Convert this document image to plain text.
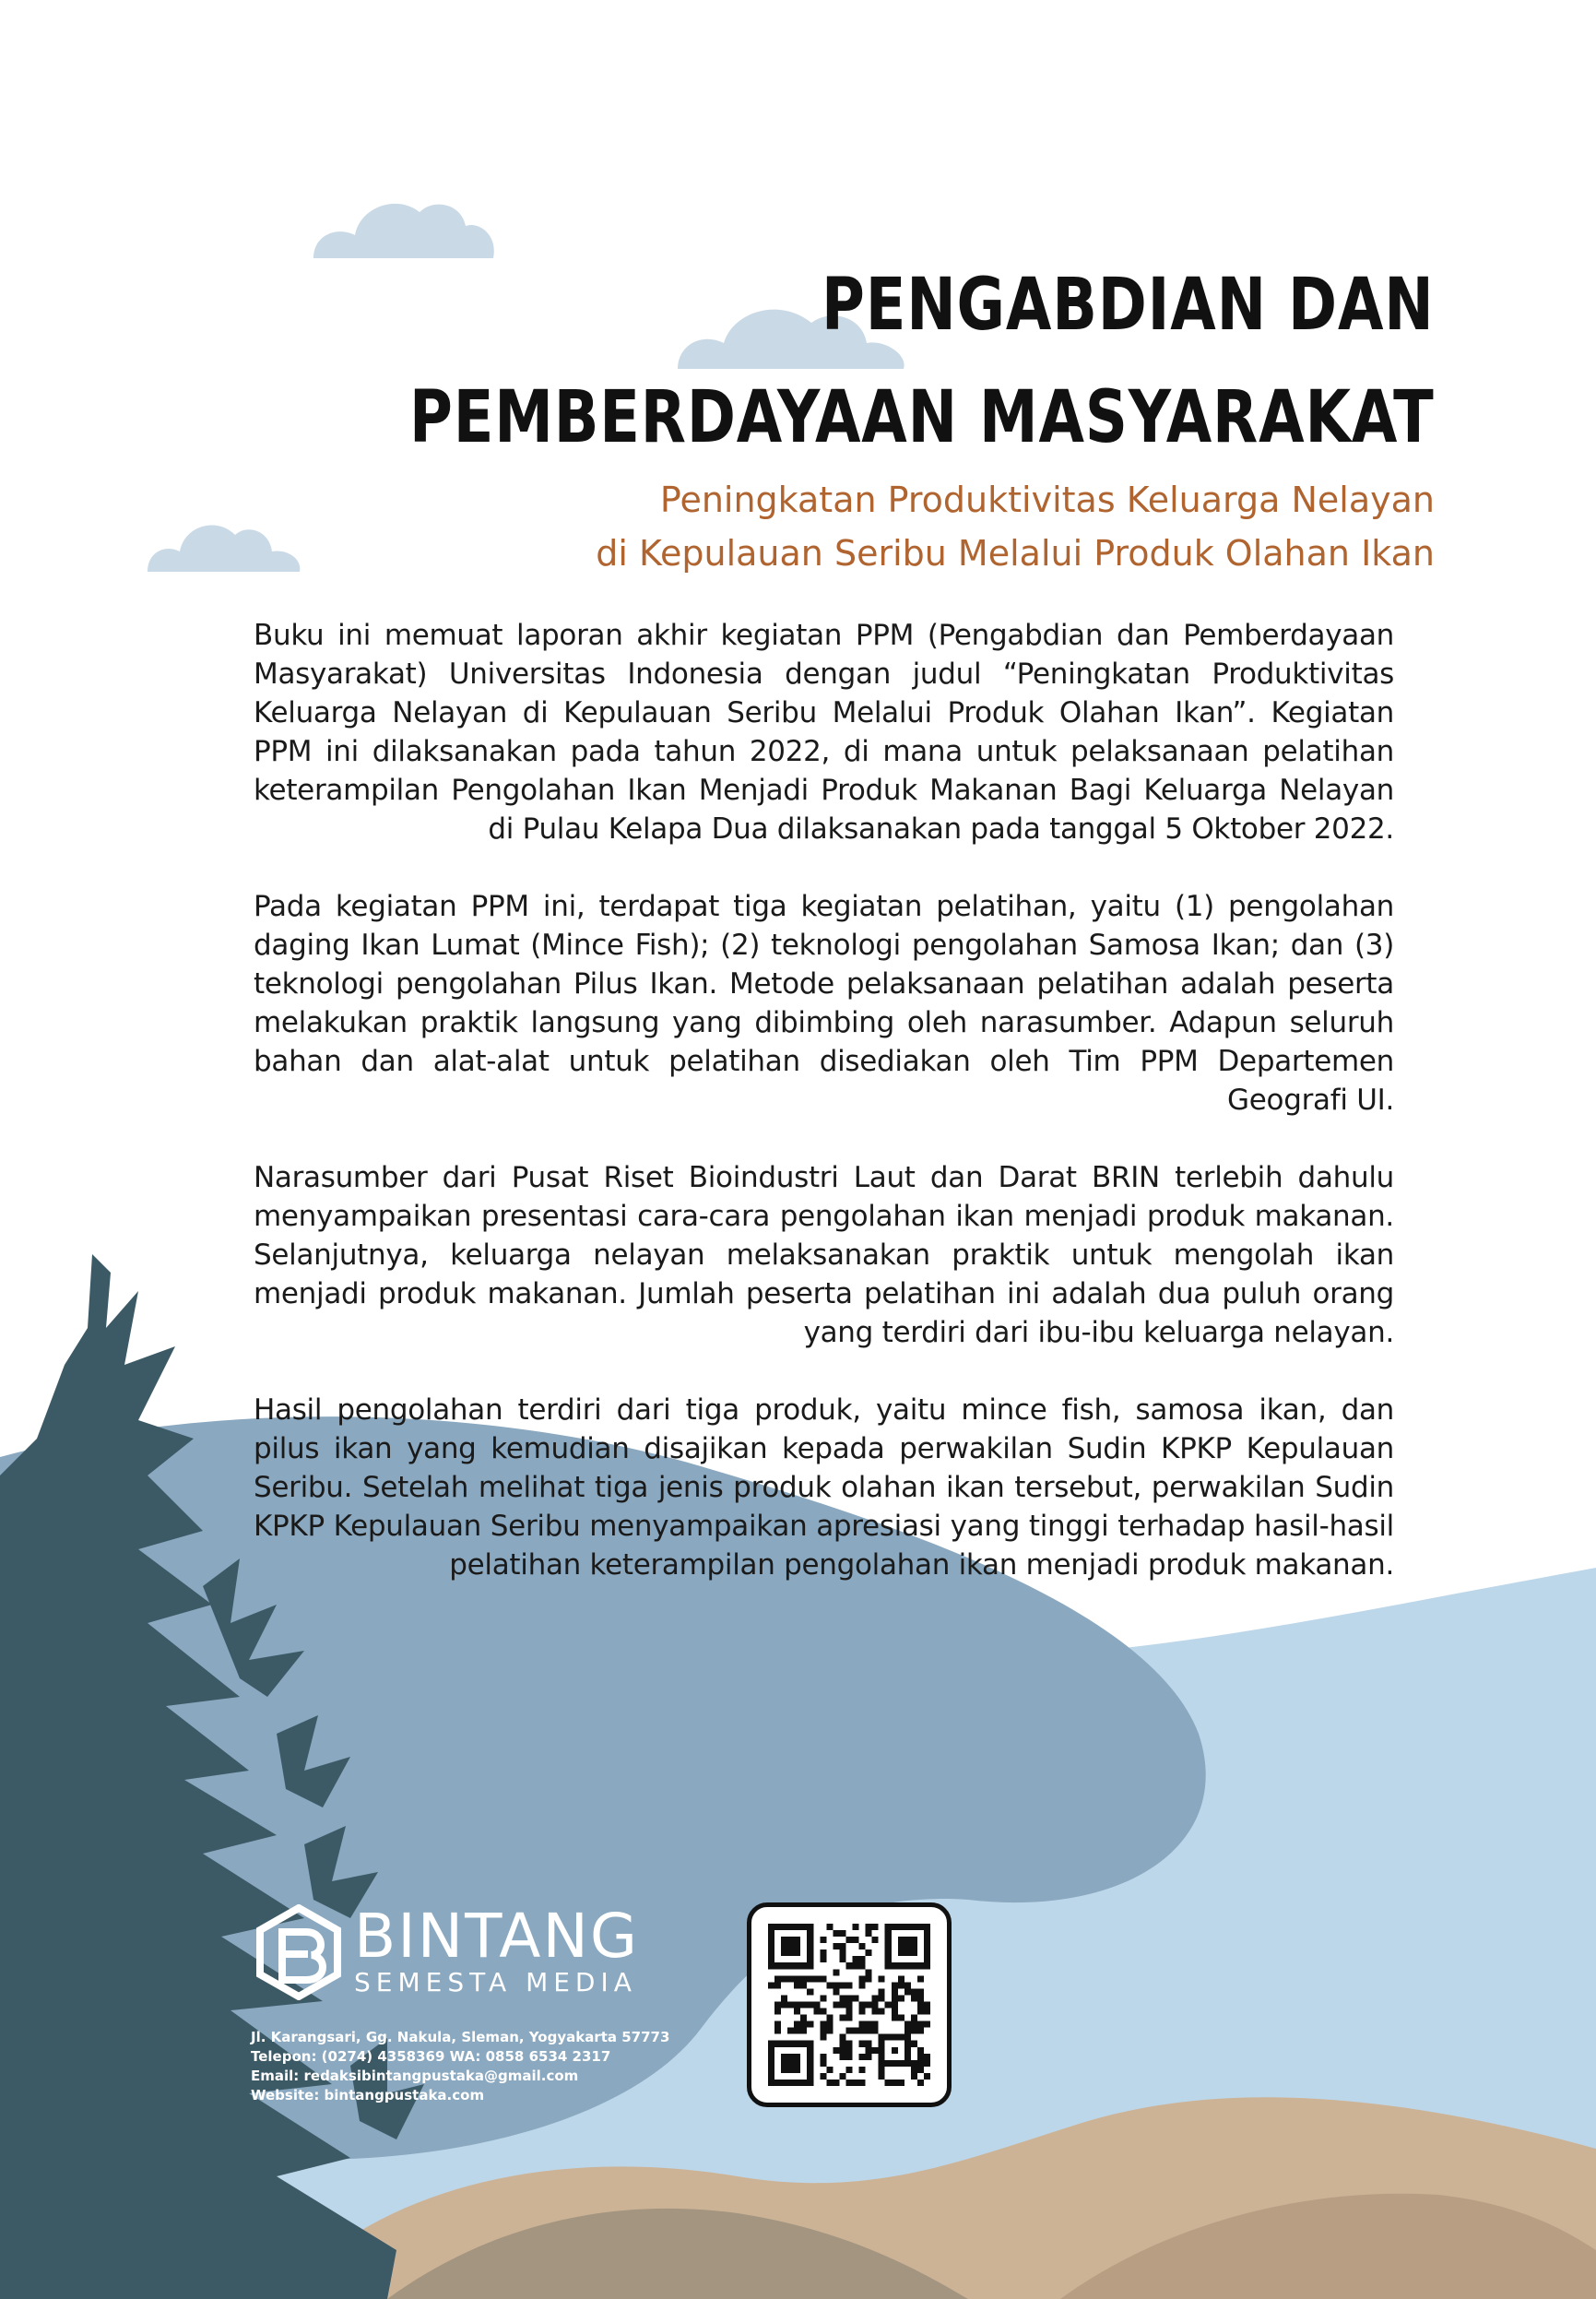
PENGABDIAN DAN
PEMBERDAYAAN MASYARAKAT
Peningkatan Produktivitas Keluarga Nelayan
di Kepulauan Seribu Melalui Produk Olahan Ikan

Buku ini memuat laporan akhir kegiatan PPM (Pengabdian dan Pemberdayaan Masyarakat) Universitas Indonesia dengan judul “Peningkatan Produktivitas Keluarga Nelayan di Kepulauan Seribu Melalui Produk Olahan Ikan”. Kegiatan PPM ini dilaksanakan pada tahun 2022, di mana untuk pelaksanaan pelatihan keterampilan Pengolahan Ikan Menjadi Produk Makanan Bagi Keluarga Nelayan di Pulau Kelapa Dua dilaksanakan pada tanggal 5 Oktober 2022.

Pada kegiatan PPM ini, terdapat tiga kegiatan pelatihan, yaitu (1) pengolahan daging Ikan Lumat (Mince Fish); (2) teknologi pengolahan Samosa Ikan; dan (3) teknologi pengolahan Pilus Ikan. Metode pelaksanaan pelatihan adalah peserta melakukan praktik langsung yang dibimbing oleh narasumber. Adapun seluruh bahan dan alat-alat untuk pelatihan disediakan oleh Tim PPM Departemen Geografi UI.

Narasumber dari Pusat Riset Bioindustri Laut dan Darat BRIN terlebih dahulu menyampaikan presentasi cara-cara pengolahan ikan menjadi produk makanan. Selanjutnya, keluarga nelayan melaksanakan praktik untuk mengolah ikan menjadi produk makanan. Jumlah peserta pelatihan ini adalah dua puluh orang yang terdiri dari ibu-ibu keluarga nelayan.

Hasil pengolahan terdiri dari tiga produk, yaitu mince fish, samosa ikan, dan pilus ikan yang kemudian disajikan kepada perwakilan Sudin KPKP Kepulauan Seribu. Setelah melihat tiga jenis produk olahan ikan tersebut, perwakilan Sudin KPKP Kepulauan Seribu menyampaikan apresiasi yang tinggi terhadap hasil-hasil pelatihan keterampilan pengolahan ikan menjadi produk makanan.

BINTANG
SEMESTA MEDIA
Jl. Karangsari, Gg. Nakula, Sleman, Yogyakarta 57773
Telepon: (0274) 4358369 WA: 0858 6534 2317
Email: redaksibintangpustaka@gmail.com
Website: bintangpustaka.com
